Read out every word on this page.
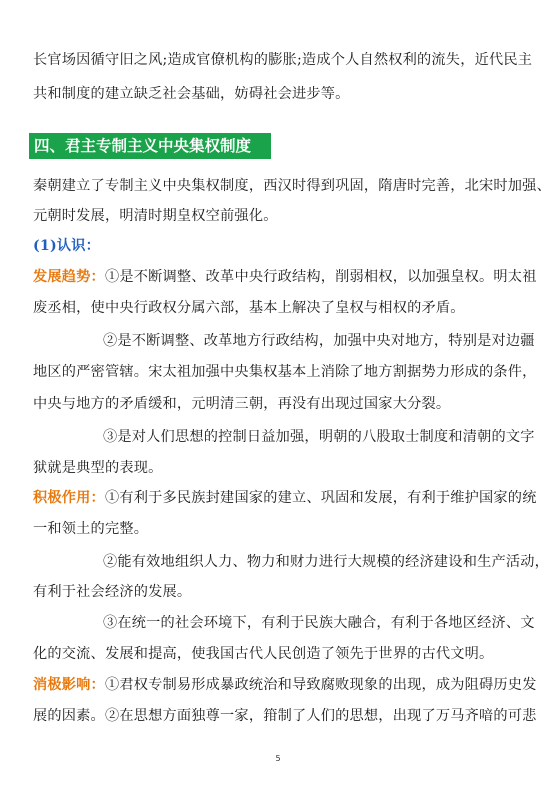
长官场因循守旧之风;造成官僚机构的膨胀;造成个人自然权利的流失，近代民主
共和制度的建立缺乏社会基础，妨碍社会进步等。
四、君主专制主义中央集权制度
秦朝建立了专制主义中央集权制度，西汉时得到巩固，隋唐时完善，北宋时加强、
元朝时发展，明清时期皇权空前强化。
(1)认识：
发展趋势：①是不断调整、改革中央行政结构，削弱相权，以加强皇权。明太祖
废丞相，使中央行政权分属六部，基本上解决了皇权与相权的矛盾。
②是不断调整、改革地方行政结构，加强中央对地方，特别是对边疆
地区的严密管辖。宋太祖加强中央集权基本上消除了地方割据势力形成的条件，
中央与地方的矛盾缓和，元明清三朝，再没有出现过国家大分裂。
③是对人们思想的控制日益加强，明朝的八股取士制度和清朝的文字
狱就是典型的表现。
积极作用：①有利于多民族封建国家的建立、巩固和发展，有利于维护国家的统
一和领土的完整。
②能有效地组织人力、物力和财力进行大规模的经济建设和生产活动，
有利于社会经济的发展。
③在统一的社会环境下，有利于民族大融合，有利于各地区经济、文
化的交流、发展和提高，使我国古代人民创造了领先于世界的古代文明。
消极影响：①君权专制易形成暴政统治和导致腐败现象的出现，成为阻碍历史发
展的因素。②在思想方面独尊一家，箝制了人们的思想，出现了万马齐喑的可悲
5
